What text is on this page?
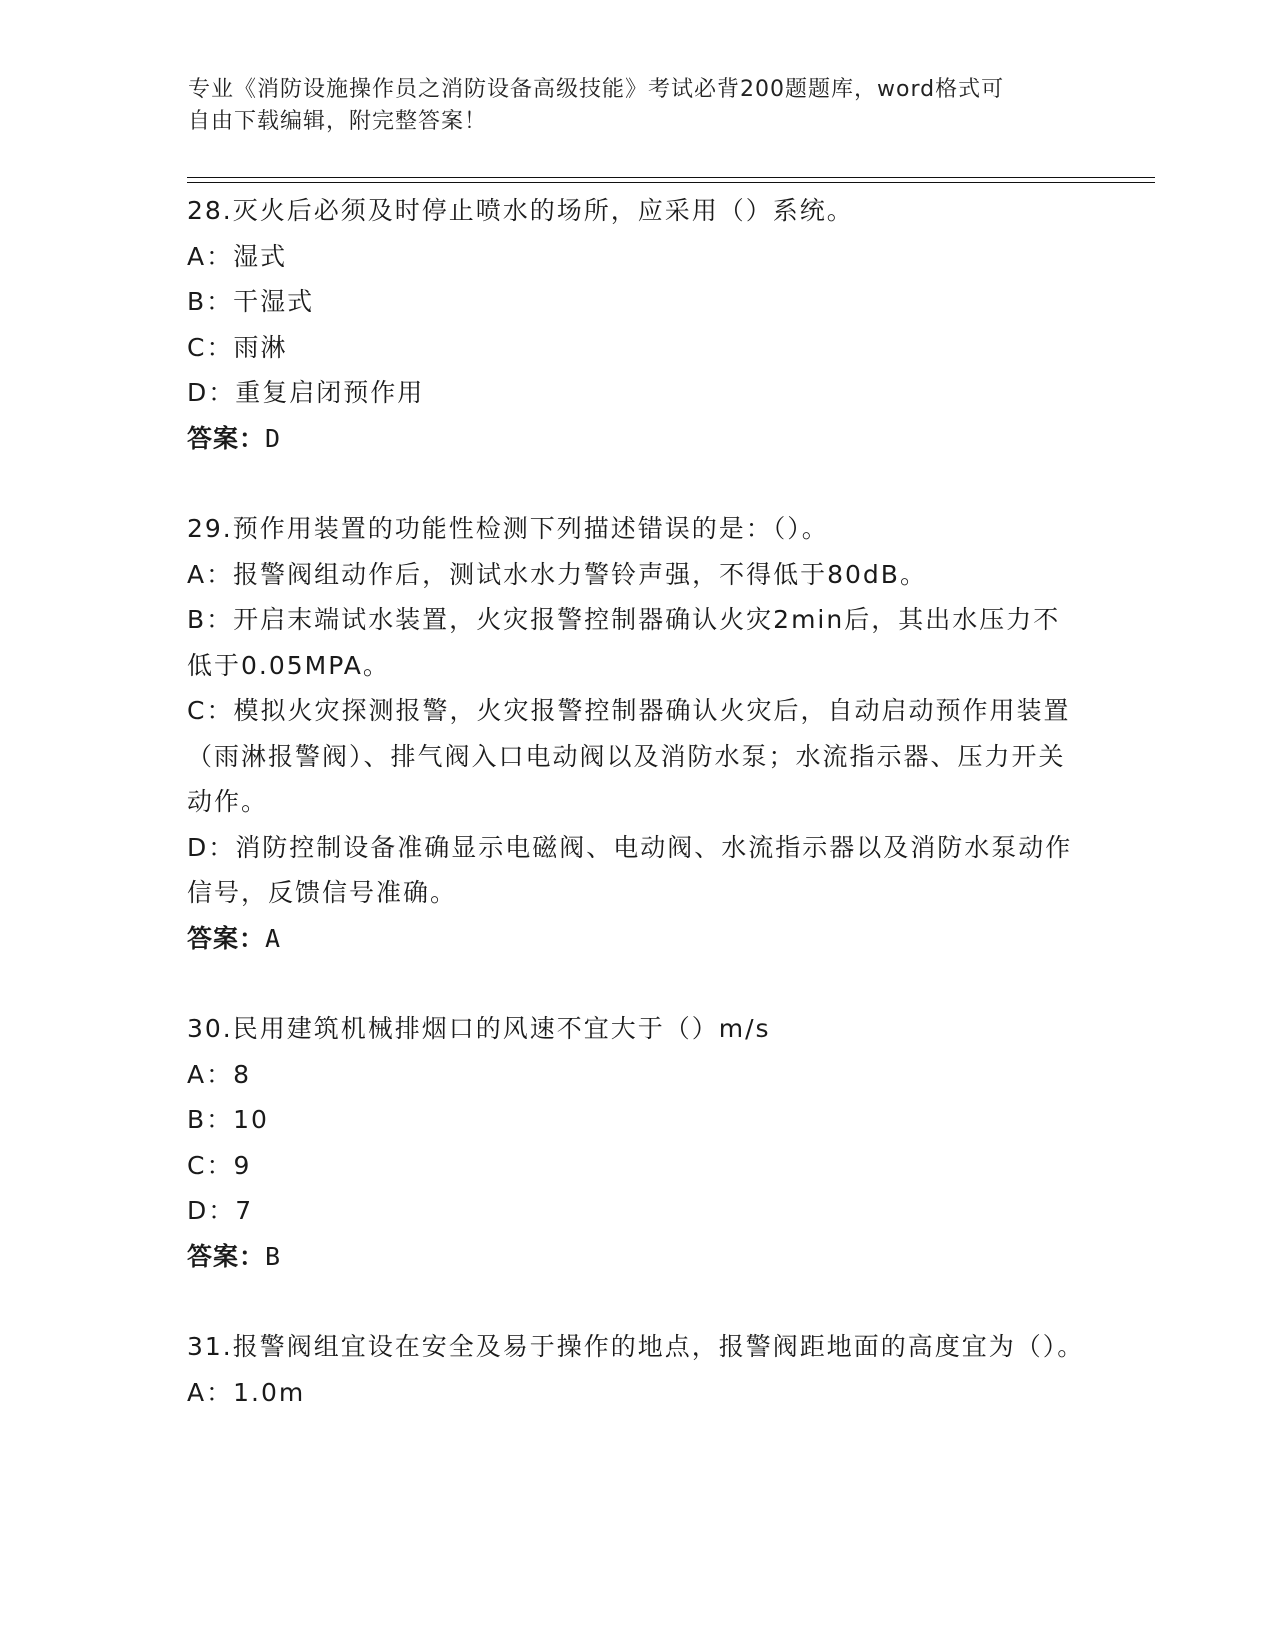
专业《消防设施操作员之消防设备高级技能》考试必背200题题库，word格式可
自由下载编辑，附完整答案！
28.灭火后必须及时停止喷水的场所，应采用（）系统。
A： 湿式
B： 干湿式
C： 雨淋
D： 重复启闭预作用
答案：D
29.预作用装置的功能性检测下列描述错误的是：（）。
A： 报警阀组动作后，测试水水力警铃声强，不得低于80dB。
B：开启末端试水装置，火灾报警控制器确认火灾2min后，其出水压力不低于0.05MPA。
C：模拟火灾探测报警，火灾报警控制器确认火灾后，自动启动预作用装置（雨淋报警阀）、排气阀入口电动阀以及消防水泵；水流指示器、压力开关动作。
D：消防控制设备准确显示电磁阀、电动阀、水流指示器以及消防水泵动作信号，反馈信号准确。
答案：A
30.民用建筑机械排烟口的风速不宜大于（）m/s
A： 8
B： 10
C： 9
D： 7
答案：B
31.报警阀组宜设在安全及易于操作的地点，报警阀距地面的高度宜为（）。
A： 1.0m
